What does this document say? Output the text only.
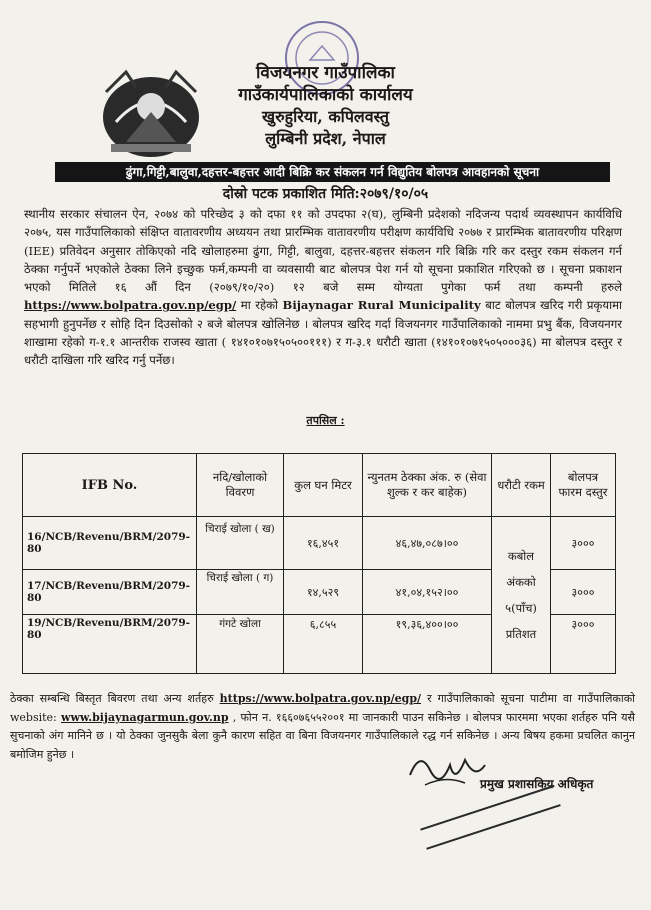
विजयनगर गाउँपालिका
गाउँकार्यपालिकाको कार्यालय
खुरुहुरिया, कपिलवस्तु
लुम्बिनी प्रदेश, नेपाल
ढुंगा,गिट्टी,बालुवा,दहत्तर-बहत्तर आदी बिक्रि कर संकलन गर्न विद्युतिय बोलपत्र आवहानको सूचना
दोस्रो पटक प्रकाशित मिति:२०७९/१०/०५
स्थानीय सरकार संचालन ऐन, २०७४ को परिच्छेद ३ को दफा ११ को उपदफा २(घ), लुम्बिनी प्रदेशको नदिजन्य पदार्थ व्यवस्थापन कार्यविधि २०७५, यस गाउँपालिकाको संक्षिप्त वातावरणीय अध्ययन तथा प्रारम्भिक वातावरणीय परीक्षण कार्यविधि २०७७ र प्रारम्भिक बातावरणीय परिक्षण (IEE) प्रतिवेदन अनुसार तोकिएको नदि खोलाहरुमा ढुंगा, गिट्टी, बालुवा, दहत्तर-बहत्तर संकलन गरि बिक्रि गरि कर दस्तुर रकम संकलन गर्न ठेक्का गर्नुपर्ने भएकोले ठेक्का लिने इच्छुक फर्म,कम्पनी वा व्यवसायी बाट बोलपत्र पेश गर्न यो सूचना प्रकाशित गरिएको छ । सूचना प्रकाशन भएको मितिले १६ औं दिन (२०७९/१०/२०) १२ बजे सम्म योग्यता पुगेका फर्म तथा कम्पनी हरुले https://www.bolpatra.gov.np/egp/ मा रहेको Bijaynagar Rural Municipality बाट बोलपत्र खरिद गरी प्रकृयामा सहभागी हुनुपर्नेछ र सोहि दिन दिउसोको २ बजे बोलपत्र खोलिनेछ । बोलपत्र खरिद गर्दा विजयनगर गाउँपालिकाको नाममा प्रभु बैंक, विजयनगर शाखामा रहेको ग-१.१ आन्तरीक राजस्व खाता ( १४१०१०७१५०५००१११) र ग-३.१ धरौटी खाता (१४१०१०७१५०५०००३६) मा बोलपत्र दस्तुर र धरौटी दाखिला गरि खरिद गर्नु पर्नेछ।
तपसिल :
IFB No.	नदि/खोलाको विवरण	कुल घन मिटर	न्युनतम ठेक्का अंक. रु (सेवा शुल्क र कर बाहेक)	धरौटी रकम	बोलपत्र फारम दस्तुर
16/NCB/Revenu/BRM/2079-80	चिराई खोला ( ख)	१६,४५१	४६,४७,०८७।००	कबोल अंकको ५(पाँच) प्रतिशत	३०००
17/NCB/Revenu/BRM/2079-80	चिराई खोला ( ग)	१४,५२९	४१,०४,१५२।००		३०००
19/NCB/Revenu/BRM/2079-80	गंगटे खोला	६,८५५	१९,३६,४००।००		३०००
ठेक्का सम्बन्धि बिस्तृत बिवरण तथा अन्य शर्तहरु https://www.bolpatra.gov.np/egp/ र गाउँपालिकाको सूचना पाटीमा वा गाउँपालिकाको website: www.bijaynagarmun.gov.np , फोन न. १६६०७६५५२००१ मा जानकारी पाउन सकिनेछ । बोलपत्र फारममा भएका शर्तहरु पनि यसै सुचनाको अंग मानिने छ । यो ठेक्का जुनसुकै बेला कुनै कारण सहित वा बिना विजयनगर गाउँपालिकाले रद्ध गर्न सकिनेछ । अन्य बिषय हकमा प्रचलित कानुन बमोजिम हुनेछ ।
प्रमुख प्रशासकिय अधिकृत
